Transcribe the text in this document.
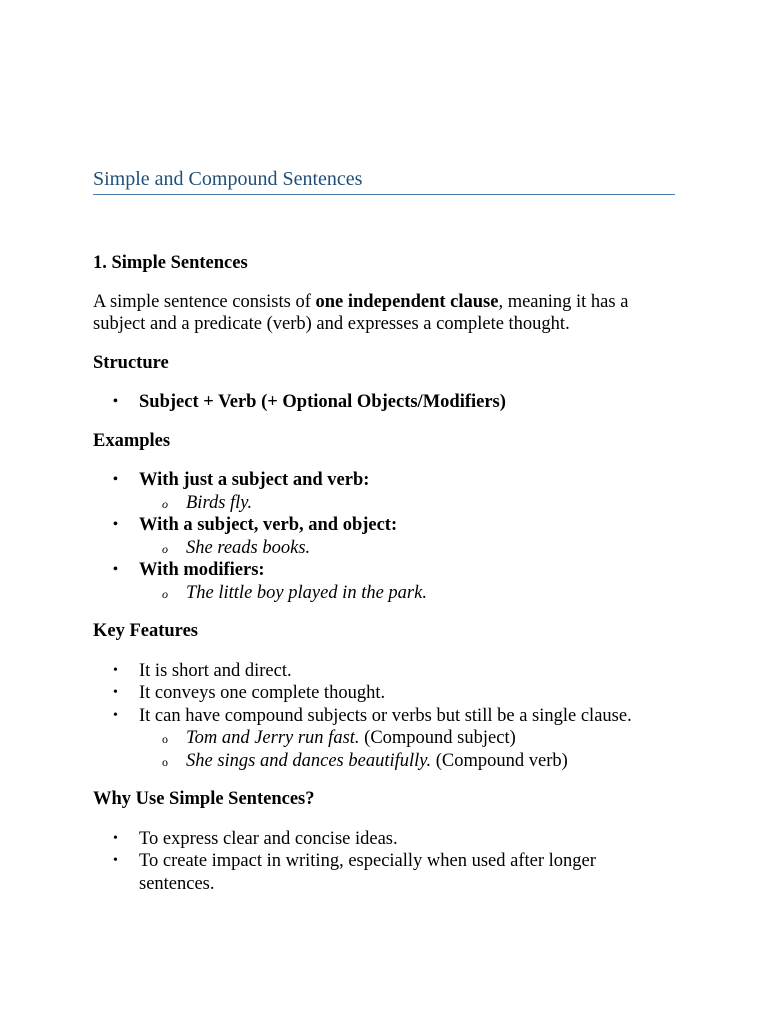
Simple and Compound Sentences
1. Simple Sentences

A simple sentence consists of one independent clause, meaning it has a subject and a predicate (verb) and expresses a complete thought.

Structure
• Subject + Verb (+ Optional Objects/Modifiers)
Examples
• With just a subject and verb:
o Birds fly.
• With a subject, verb, and object:
o She reads books.
• With modifiers:
o The little boy played in the park.
Key Features
• It is short and direct.
• It conveys one complete thought.
• It can have compound subjects or verbs but still be a single clause.
o Tom and Jerry run fast. (Compound subject)
o She sings and dances beautifully. (Compound verb)
Why Use Simple Sentences?
• To express clear and concise ideas.
• To create impact in writing, especially when used after longer sentences.
